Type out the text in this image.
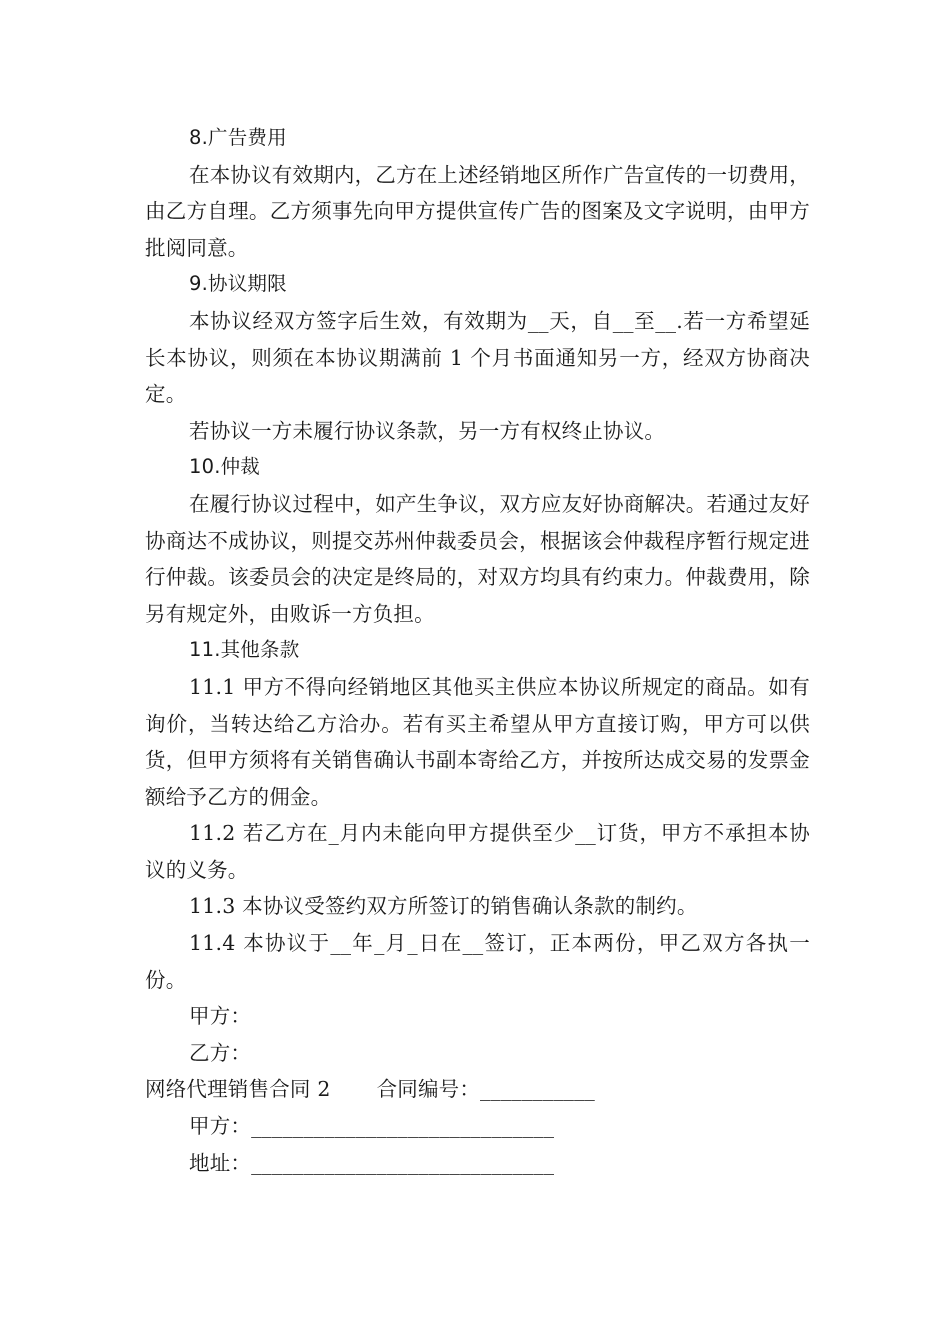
8.广告费用

在本协议有效期内，乙方在上述经销地区所作广告宣传的一切费用，由乙方自理。乙方须事先向甲方提供宣传广告的图案及文字说明，由甲方批阅同意。

9.协议期限

本协议经双方签字后生效，有效期为__天，自__至__.若一方希望延长本协议，则须在本协议期满前 1 个月书面通知另一方，经双方协商决定。

若协议一方未履行协议条款，另一方有权终止协议。

10.仲裁

在履行协议过程中，如产生争议，双方应友好协商解决。若通过友好协商达不成协议，则提交苏州仲裁委员会，根据该会仲裁程序暂行规定进行仲裁。该委员会的决定是终局的，对双方均具有约束力。仲裁费用，除另有规定外，由败诉一方负担。

11.其他条款

11.1 甲方不得向经销地区其他买主供应本协议所规定的商品。如有询价，当转达给乙方洽办。若有买主希望从甲方直接订购，甲方可以供货，但甲方须将有关销售确认书副本寄给乙方，并按所达成交易的发票金额给予乙方的佣金。

11.2 若乙方在_月内未能向甲方提供至少__订货，甲方不承担本协议的义务。

11.3 本协议受签约双方所签订的销售确认条款的制约。

11.4 本协议于__年_月_日在__签订，正本两份，甲乙双方各执一份。

甲方：

乙方：

网络代理销售合同 2 合同编号：___________

甲方：_____________________________

地址：_____________________________
